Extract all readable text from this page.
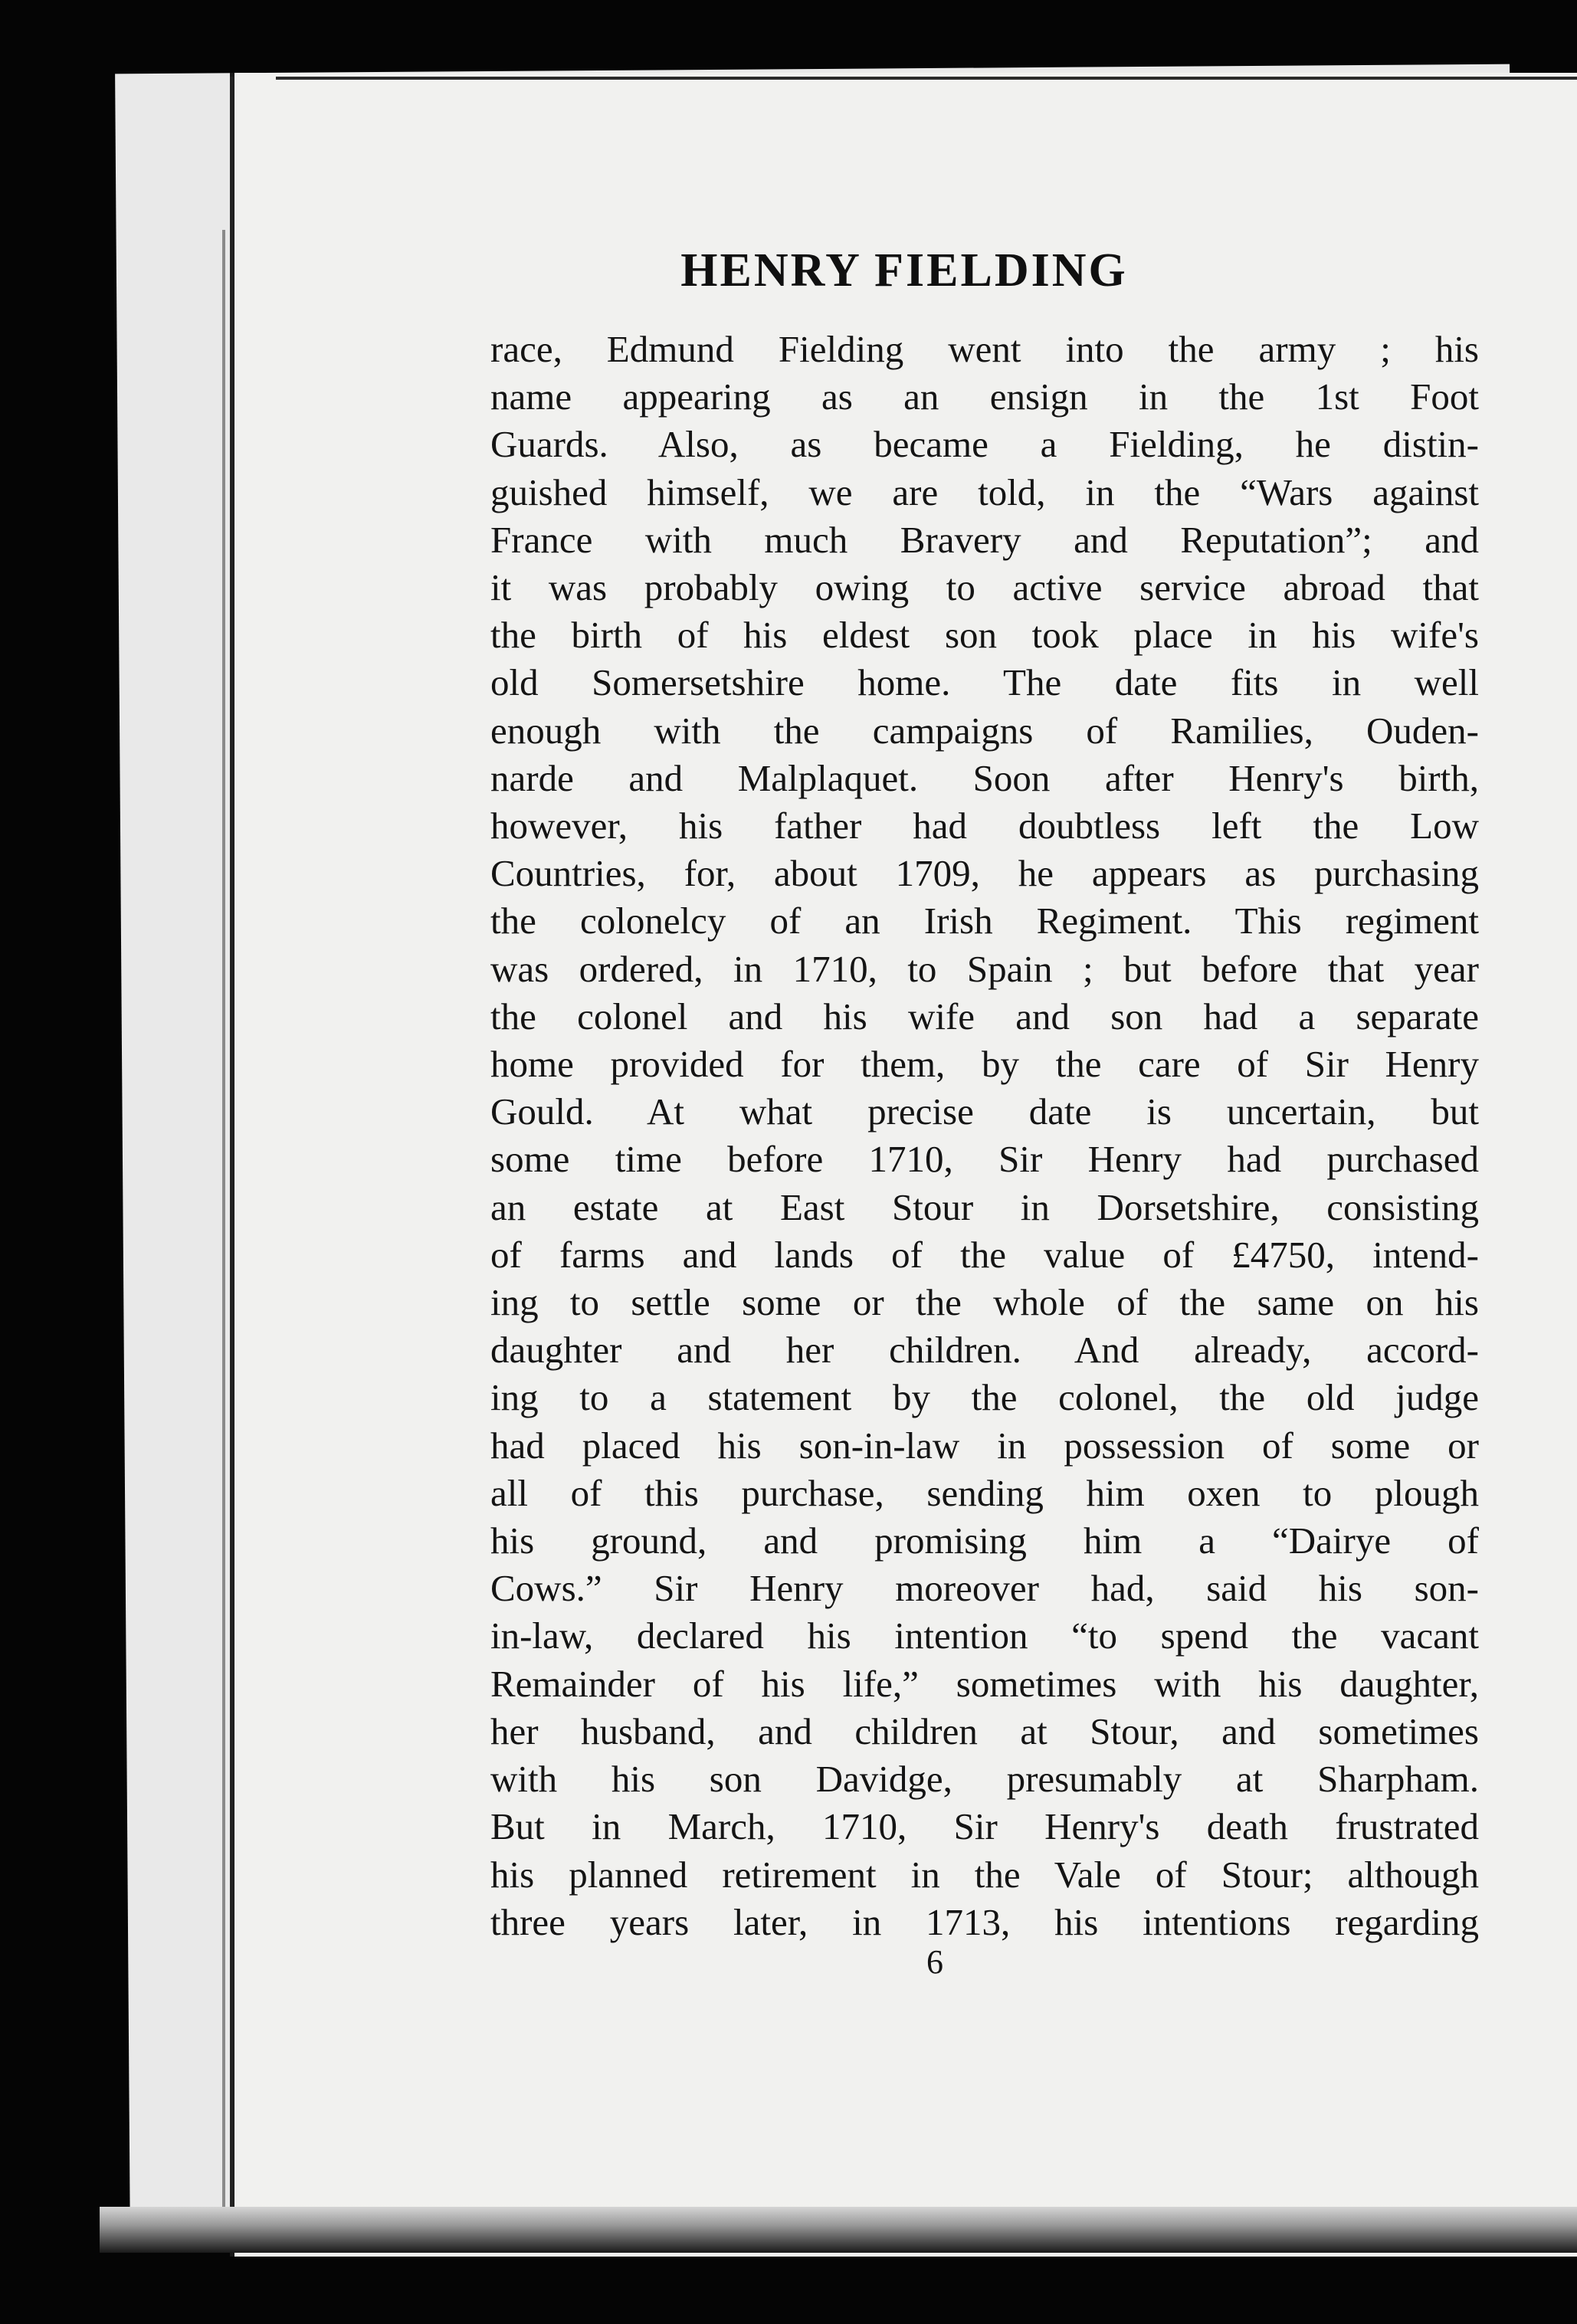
HENRY FIELDING
race, Edmund Fielding went into the army ; his
name appearing as an ensign in the 1st Foot
Guards. Also, as became a Fielding, he distin-
guished himself, we are told, in the “Wars against
France with much Bravery and Reputation”; and
it was probably owing to active service abroad that
the birth of his eldest son took place in his wife's
old Somersetshire home. The date fits in well
enough with the campaigns of Ramilies, Ouden-
narde and Malplaquet. Soon after Henry's birth,
however, his father had doubtless left the Low
Countries, for, about 1709, he appears as purchasing
the colonelcy of an Irish Regiment. This regiment
was ordered, in 1710, to Spain ; but before that year
the colonel and his wife and son had a separate
home provided for them, by the care of Sir Henry
Gould. At what precise date is uncertain, but
some time before 1710, Sir Henry had purchased
an estate at East Stour in Dorsetshire, consisting
of farms and lands of the value of £4750, intend-
ing to settle some or the whole of the same on his
daughter and her children. And already, accord-
ing to a statement by the colonel, the old judge
had placed his son-in-law in possession of some or
all of this purchase, sending him oxen to plough
his ground, and promising him a “Dairye of
Cows.” Sir Henry moreover had, said his son-
in-law, declared his intention “to spend the vacant
Remainder of his life,” sometimes with his daughter,
her husband, and children at Stour, and sometimes
with his son Davidge, presumably at Sharpham.
But in March, 1710, Sir Henry's death frustrated
his planned retirement in the Vale of Stour; although
three years later, in 1713, his intentions regarding
6
